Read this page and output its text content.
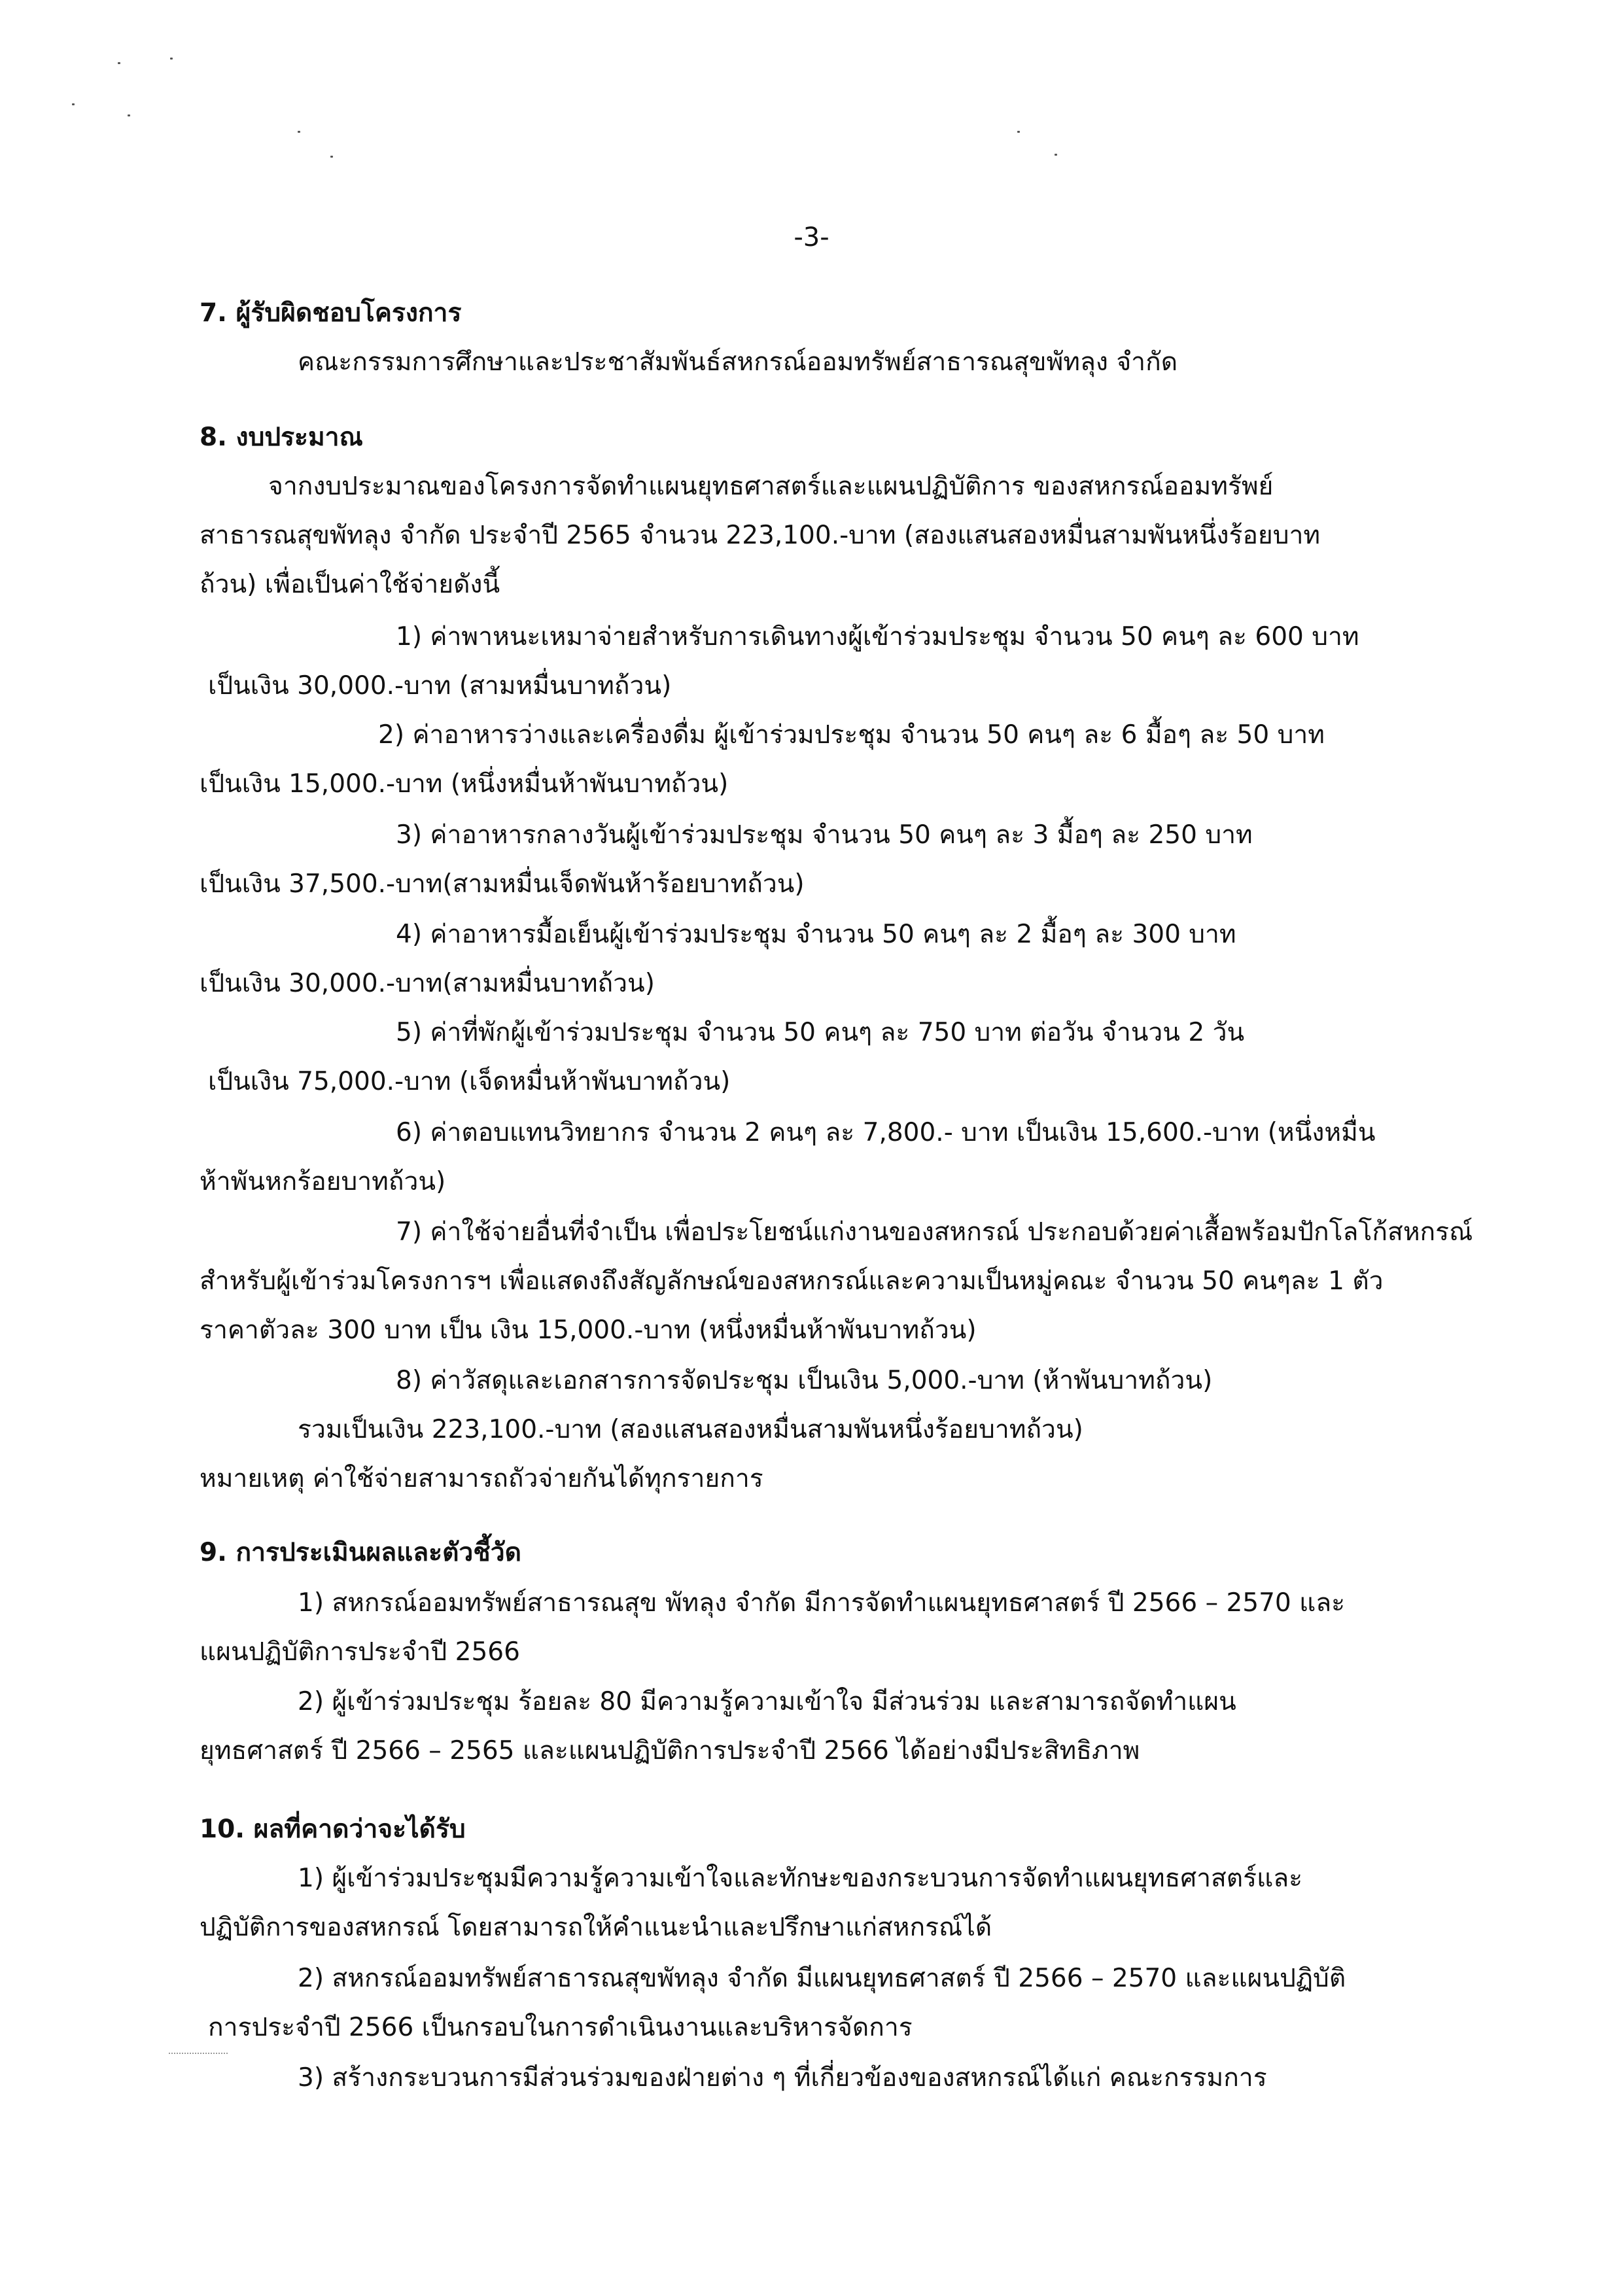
-3-
7. ผู้รับผิดชอบโครงการ
คณะกรรมการศึกษาและประชาสัมพันธ์สหกรณ์ออมทรัพย์สาธารณสุขพัทลุง จำกัด
8. งบประมาณ
จากงบประมาณของโครงการจัดทำแผนยุทธศาสตร์และแผนปฏิบัติการ ของสหกรณ์ออมทรัพย์
สาธารณสุขพัทลุง จำกัด ประจำปี 2565 จำนวน 223,100.-บาท (สองแสนสองหมื่นสามพันหนึ่งร้อยบาท
ถ้วน) เพื่อเป็นค่าใช้จ่ายดังนี้
1) ค่าพาหนะเหมาจ่ายสำหรับการเดินทางผู้เข้าร่วมประชุม จำนวน 50 คนๆ ละ 600 บาท
เป็นเงิน 30,000.-บาท (สามหมื่นบาทถ้วน)
2) ค่าอาหารว่างและเครื่องดื่ม ผู้เข้าร่วมประชุม จำนวน 50 คนๆ ละ 6 มื้อๆ ละ 50 บาท
เป็นเงิน 15,000.-บาท (หนึ่งหมื่นห้าพันบาทถ้วน)
3) ค่าอาหารกลางวันผู้เข้าร่วมประชุม จำนวน 50 คนๆ ละ 3 มื้อๆ ละ 250 บาท
เป็นเงิน 37,500.-บาท(สามหมื่นเจ็ดพันห้าร้อยบาทถ้วน)
4) ค่าอาหารมื้อเย็นผู้เข้าร่วมประชุม จำนวน 50 คนๆ ละ 2 มื้อๆ ละ 300 บาท
เป็นเงิน 30,000.-บาท(สามหมื่นบาทถ้วน)
5) ค่าที่พักผู้เข้าร่วมประชุม จำนวน 50 คนๆ ละ 750 บาท ต่อวัน จำนวน 2 วัน
เป็นเงิน 75,000.-บาท (เจ็ดหมื่นห้าพันบาทถ้วน)
6) ค่าตอบแทนวิทยากร จำนวน 2 คนๆ ละ 7,800.- บาท เป็นเงิน 15,600.-บาท (หนึ่งหมื่น
ห้าพันหกร้อยบาทถ้วน)
7) ค่าใช้จ่ายอื่นที่จำเป็น เพื่อประโยชน์แก่งานของสหกรณ์ ประกอบด้วยค่าเสื้อพร้อมปักโลโก้สหกรณ์
สำหรับผู้เข้าร่วมโครงการฯ เพื่อแสดงถึงสัญลักษณ์ของสหกรณ์และความเป็นหมู่คณะ จำนวน 50 คนๆละ 1 ตัว
ราคาตัวละ 300 บาท เป็น เงิน 15,000.-บาท (หนึ่งหมื่นห้าพันบาทถ้วน)
8) ค่าวัสดุและเอกสารการจัดประชุม เป็นเงิน 5,000.-บาท (ห้าพันบาทถ้วน)
รวมเป็นเงิน 223,100.-บาท (สองแสนสองหมื่นสามพันหนึ่งร้อยบาทถ้วน)
หมายเหตุ ค่าใช้จ่ายสามารถถัวจ่ายกันได้ทุกรายการ
9. การประเมินผลและตัวชี้วัด
1) สหกรณ์ออมทรัพย์สาธารณสุข พัทลุง จำกัด มีการจัดทำแผนยุทธศาสตร์ ปี 2566 – 2570 และ
แผนปฏิบัติการประจำปี 2566
2) ผู้เข้าร่วมประชุม ร้อยละ 80 มีความรู้ความเข้าใจ มีส่วนร่วม และสามารถจัดทำแผน
ยุทธศาสตร์ ปี 2566 – 2565 และแผนปฏิบัติการประจำปี 2566 ได้อย่างมีประสิทธิภาพ
10. ผลที่คาดว่าจะได้รับ
1) ผู้เข้าร่วมประชุมมีความรู้ความเข้าใจและทักษะของกระบวนการจัดทำแผนยุทธศาสตร์และ
ปฏิบัติการของสหกรณ์ โดยสามารถให้คำแนะนำและปรึกษาแก่สหกรณ์ได้
2) สหกรณ์ออมทรัพย์สาธารณสุขพัทลุง จำกัด มีแผนยุทธศาสตร์ ปี 2566 – 2570 และแผนปฏิบัติ
การประจำปี 2566 เป็นกรอบในการดำเนินงานและบริหารจัดการ
3) สร้างกระบวนการมีส่วนร่วมของฝ่ายต่าง ๆ ที่เกี่ยวข้องของสหกรณ์ได้แก่ คณะกรรมการ
